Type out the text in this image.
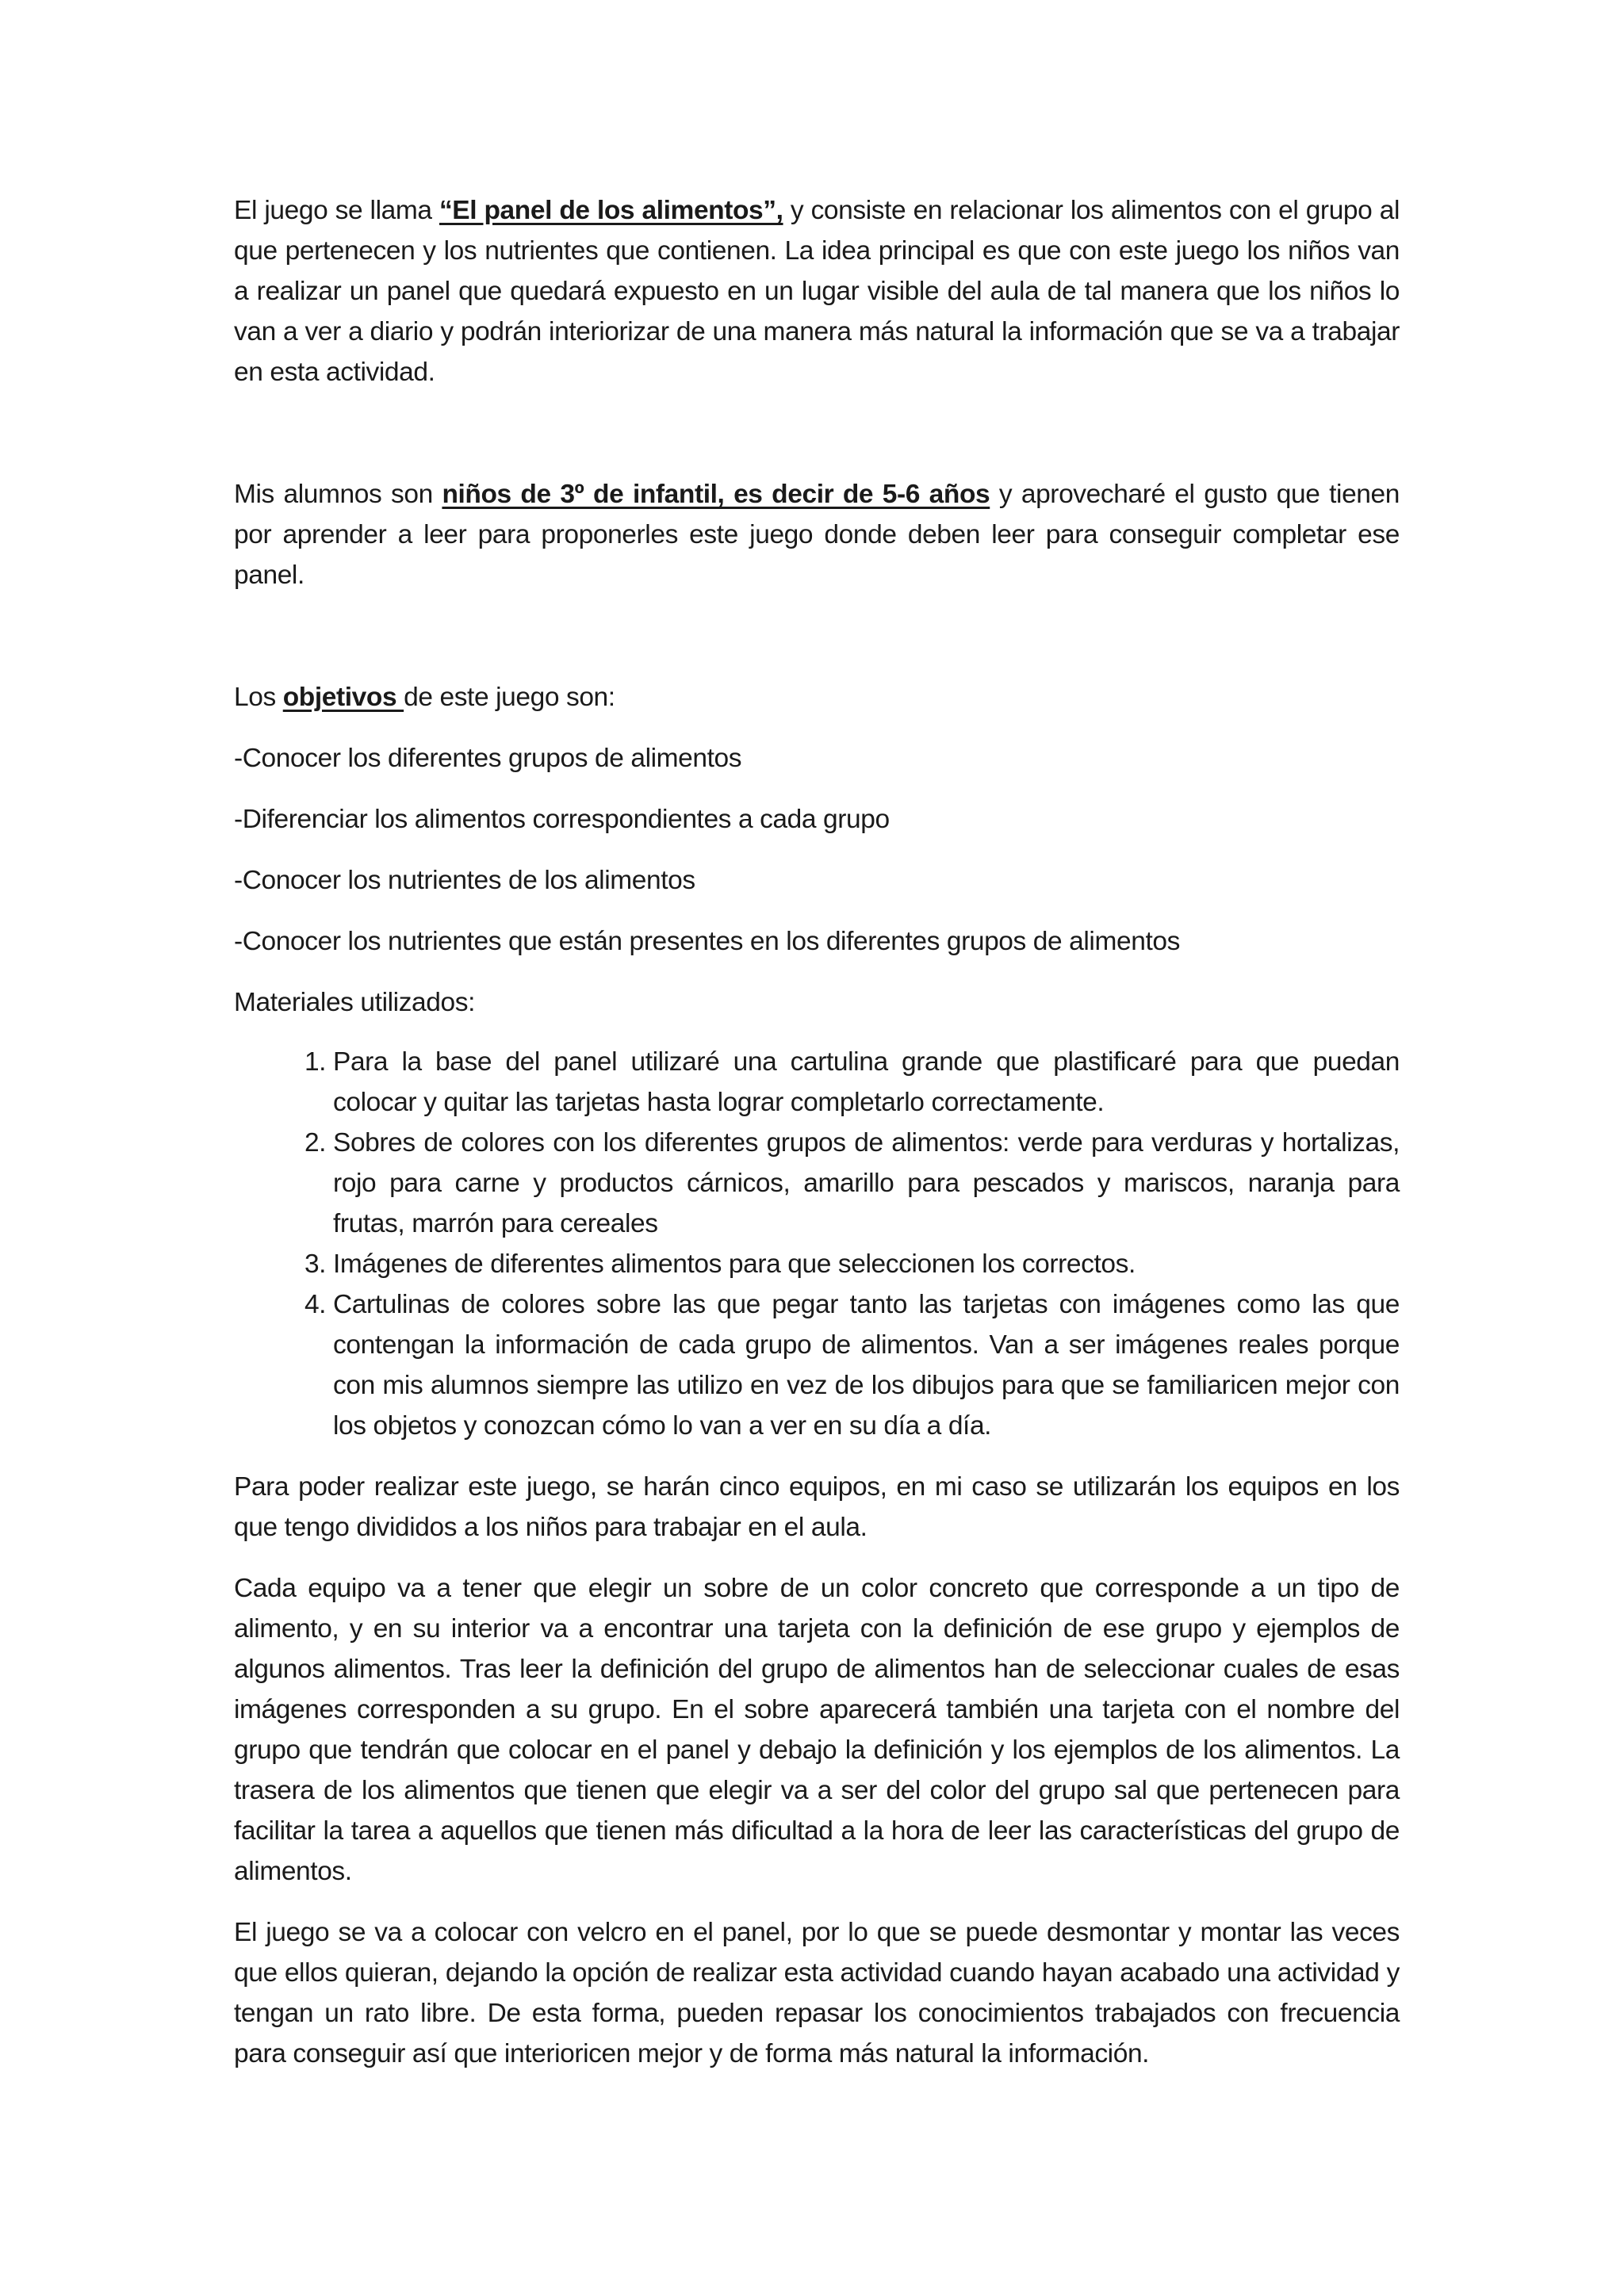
El juego se llama “El panel de los alimentos”, y consiste en relacionar los alimentos con el grupo al que pertenecen y los nutrientes que contienen. La idea principal es que con este juego los niños van a realizar un panel que quedará expuesto en un lugar visible del aula de tal manera que los niños lo van a ver a diario y podrán interiorizar de una manera más natural la información que se va a trabajar en esta actividad.

Mis alumnos son niños de 3º de infantil, es decir de 5-6 años y aprovecharé el gusto que tienen por aprender a leer para proponerles este juego donde deben leer para conseguir completar ese panel.

Los objetivos de este juego son:

-Conocer los diferentes grupos de alimentos

-Diferenciar los alimentos correspondientes a cada grupo

-Conocer los nutrientes de los alimentos

-Conocer los nutrientes que están presentes en los diferentes grupos de alimentos

Materiales utilizados:

1. Para la base del panel utilizaré una cartulina grande que plastificaré para que puedan colocar y quitar las tarjetas hasta lograr completarlo correctamente.
2. Sobres de colores con los diferentes grupos de alimentos: verde para verduras y hortalizas, rojo para carne y productos cárnicos, amarillo para pescados y mariscos, naranja para frutas, marrón para cereales
3. Imágenes de diferentes alimentos para que seleccionen los correctos.
4. Cartulinas de colores sobre las que pegar tanto las tarjetas con imágenes como las que contengan la información de cada grupo de alimentos. Van a ser imágenes reales porque con mis alumnos siempre las utilizo en vez de los dibujos para que se familiaricen mejor con los objetos y conozcan cómo lo van a ver en su día a día.

Para poder realizar este juego, se harán cinco equipos, en mi caso se utilizarán los equipos en los que tengo divididos a los niños para trabajar en el aula.

Cada equipo va a tener que elegir un sobre de un color concreto que corresponde a un tipo de alimento, y en su interior va a encontrar una tarjeta con la definición de ese grupo y ejemplos de algunos alimentos. Tras leer la definición del grupo de alimentos han de seleccionar cuales de esas imágenes corresponden a su grupo. En el sobre aparecerá también una tarjeta con el nombre del grupo que tendrán que colocar en el panel y debajo la definición y los ejemplos de los alimentos. La trasera de los alimentos que tienen que elegir va a ser del color del grupo sal que pertenecen para facilitar la tarea a aquellos que tienen más dificultad a la hora de leer las características del grupo de alimentos.

El juego se va a colocar con velcro en el panel, por lo que se puede desmontar y montar las veces que ellos quieran, dejando la opción de realizar esta actividad cuando hayan acabado una actividad y tengan un rato libre. De esta forma, pueden repasar los conocimientos trabajados con frecuencia para conseguir así que interioricen mejor y de forma más natural la información.
